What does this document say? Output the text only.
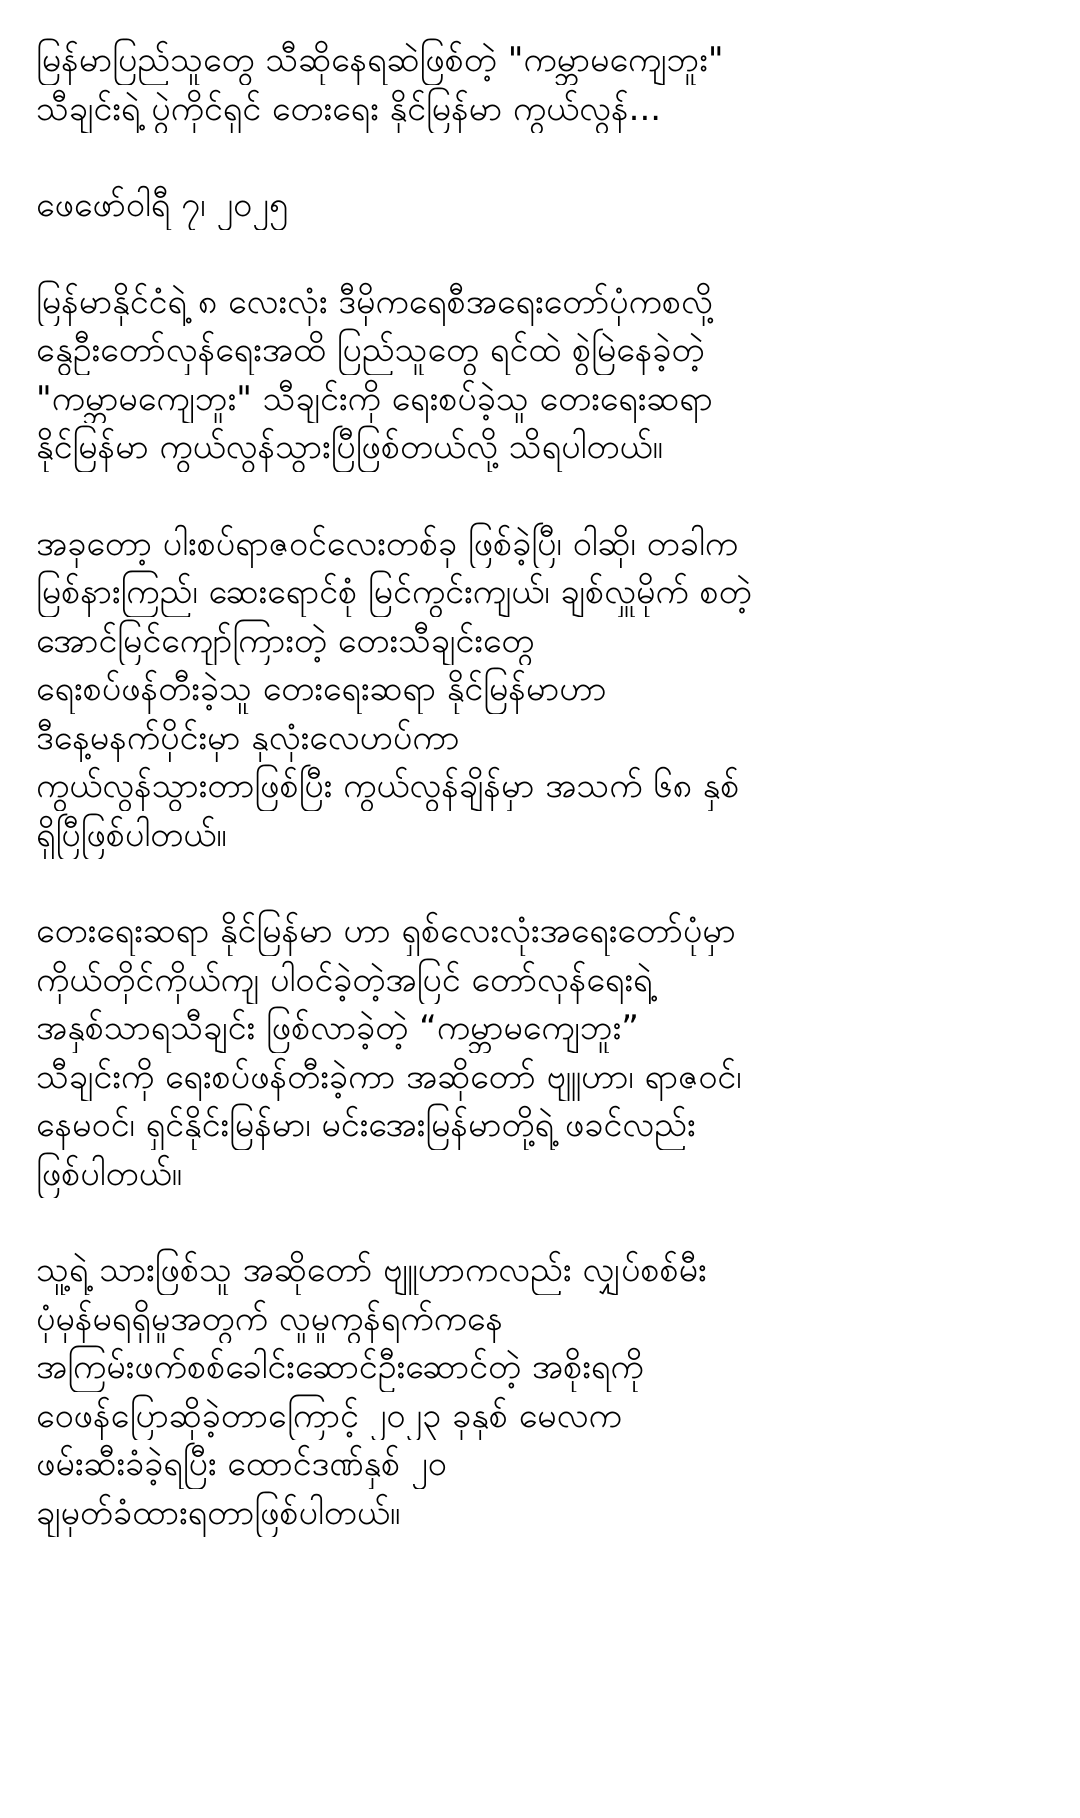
မြန်မာပြည်သူတွေ သီဆိုနေရဆဲဖြစ်တဲ့ "ကမ္ဘာမကျေဘူး"
သီချင်းရဲ့ ပွဲကိုင်ရှင် တေးရေး နိုင်မြန်မာ ကွယ်လွန်...
ဖေဖော်ဝါရီ ၇၊ ၂၀၂၅
မြန်မာနိုင်ငံရဲ့ ၈ လေးလုံး ဒီမိုကရေစီအရေးတော်ပုံကစလို့
နွေဦးတော်လှန်ရေးအထိ ပြည်သူတွေ ရင်ထဲ စွဲမြဲနေခဲ့တဲ့
"ကမ္ဘာမကျေဘူး" သီချင်းကို ရေးစပ်ခဲ့သူ တေးရေးဆရာ
နိုင်မြန်မာ ကွယ်လွန်သွားပြီဖြစ်တယ်လို့ သိရပါတယ်။
အခုတော့ ပါးစပ်ရာဇဝင်လေးတစ်ခု ဖြစ်ခဲ့ပြီ၊ ဝါဆို၊ တခါက
မြစ်နားကြည်၊ ဆေးရောင်စုံ မြင်ကွင်းကျယ်၊ ချစ်လှူမိုက် စတဲ့
အောင်မြင်ကျော်ကြားတဲ့ တေးသီချင်းတွေ
ရေးစပ်ဖန်တီးခဲ့သူ တေးရေးဆရာ နိုင်မြန်မာဟာ
ဒီနေ့မနက်ပိုင်းမှာ နှလုံးလေဟပ်ကာ
ကွယ်လွန်သွားတာဖြစ်ပြီး ကွယ်လွန်ချိန်မှာ အသက် ၆၈ နှစ်
ရှိပြီဖြစ်ပါတယ်။
တေးရေးဆရာ နိုင်မြန်မာ ဟာ ရှစ်လေးလုံးအရေးတော်ပုံမှာ
ကိုယ်တိုင်ကိုယ်ကျ ပါဝင်ခဲ့တဲ့အပြင် တော်လှန်ရေးရဲ့
အနှစ်သာရသီချင်း ဖြစ်လာခဲ့တဲ့ “ကမ္ဘာမကျေဘူး”
သီချင်းကို ရေးစပ်ဖန်တီးခဲ့ကာ အဆိုတော် ဗျူဟာ၊ ရာဇဝင်၊
နေမဝင်၊ ရှင်နိုင်းမြန်မာ၊ မင်းအေးမြန်မာတို့ရဲ့ ဖခင်လည်း
ဖြစ်ပါတယ်။
သူ့ရဲ့ သားဖြစ်သူ အဆိုတော် ဗျူဟာကလည်း လျှပ်စစ်မီး
ပုံမှန်မရရှိမှုအတွက် လူမှုကွန်ရက်ကနေ
အကြမ်းဖက်စစ်ခေါင်းဆောင်ဦးဆောင်တဲ့ အစိုးရကို
ဝေဖန်ပြောဆိုခဲ့တာကြောင့် ၂၀၂၃ ခုနှစ် မေလက
ဖမ်းဆီးခံခဲ့ရပြီး ထောင်ဒဏ်နှစ် ၂၀
ချမှတ်ခံထားရတာဖြစ်ပါတယ်။
